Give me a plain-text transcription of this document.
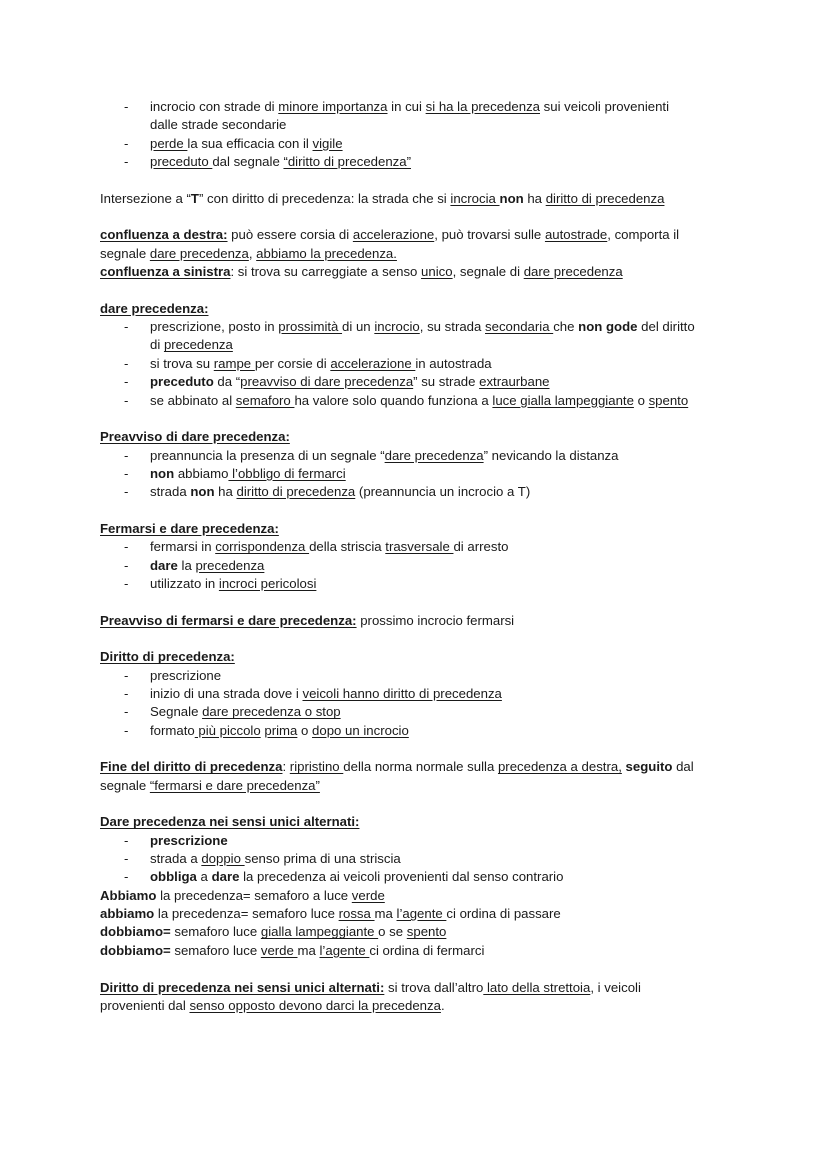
- incrocio con strade di minore importanza in cui si ha la precedenza sui veicoli provenienti
dalle strade secondarie
- perde la sua efficacia con il vigile
- preceduto dal segnale “diritto di precedenza”
Intersezione a “T” con diritto di precedenza: la strada che si incrocia non ha diritto di precedenza
confluenza a destra: può essere corsia di accelerazione, può trovarsi sulle autostrade, comporta il
segnale dare precedenza, abbiamo la precedenza.
confluenza a sinistra: si trova su carreggiate a senso unico, segnale di dare precedenza
dare precedenza:
- prescrizione, posto in prossimità di un incrocio, su strada secondaria che non gode del diritto
di precedenza
- si trova su rampe per corsie di accelerazione in autostrada
- preceduto da “preavviso di dare precedenza” su strade extraurbane
- se abbinato al semaforo ha valore solo quando funziona a luce gialla lampeggiante o spento
Preavviso di dare precedenza:
- preannuncia la presenza di un segnale “dare precedenza” nevicando la distanza
- non abbiamo l’obbligo di fermarci
- strada non ha diritto di precedenza (preannuncia un incrocio a T)
Fermarsi e dare precedenza:
- fermarsi in corrispondenza della striscia trasversale di arresto
- dare la precedenza
- utilizzato in incroci pericolosi
Preavviso di fermarsi e dare precedenza: prossimo incrocio fermarsi
Diritto di precedenza:
- prescrizione
- inizio di una strada dove i veicoli hanno diritto di precedenza
- Segnale dare precedenza o stop
- formato più piccolo prima o dopo un incrocio
Fine del diritto di precedenza: ripristino della norma normale sulla precedenza a destra, seguito dal
segnale “fermarsi e dare precedenza”
Dare precedenza nei sensi unici alternati:
- prescrizione
- strada a doppio senso prima di una striscia
- obbliga a dare la precedenza ai veicoli provenienti dal senso contrario
Abbiamo la precedenza= semaforo a luce verde
abbiamo la precedenza= semaforo luce rossa ma l’agente ci ordina di passare
dobbiamo= semaforo luce gialla lampeggiante o se spento
dobbiamo= semaforo luce verde ma l’agente ci ordina di fermarci
Diritto di precedenza nei sensi unici alternati: si trova dall’altro lato della strettoia, i veicoli
provenienti dal senso opposto devono darci la precedenza.
